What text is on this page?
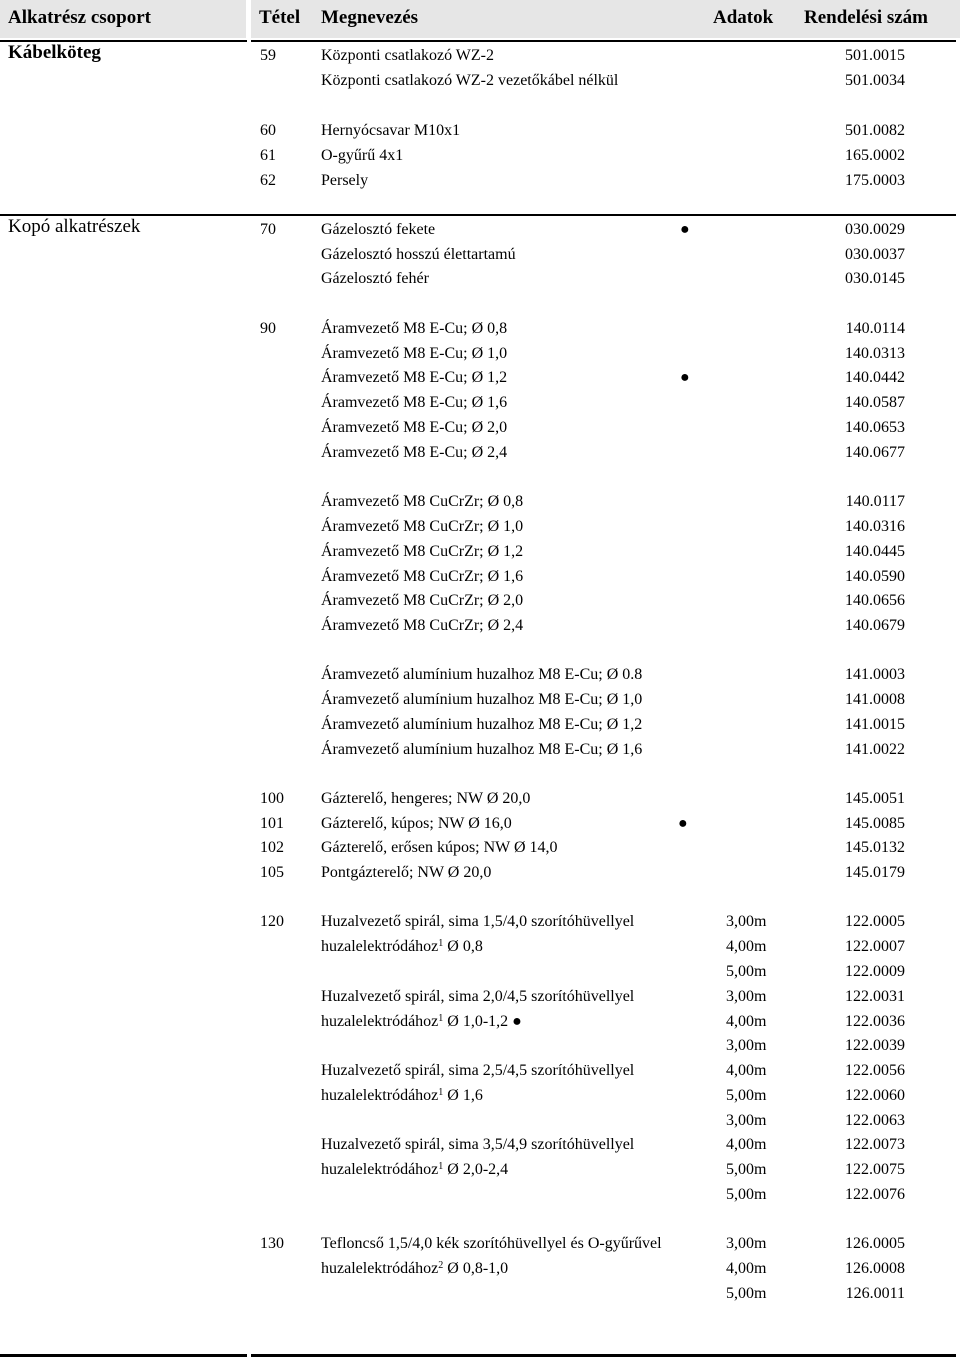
Alkatrész csoport	Tétel Megnevezés	Adatok Rendelési szám
Kábelköteg
Kopó alkatrészek
59	Központi csatlakozó WZ-2	501.0015
Központi csatlakozó WZ-2 vezetőkábel nélkül	501.0034
60	Hernyócsavar M10x1	501.0082
61	O-gyűrű 4x1	165.0002
62	Persely	175.0003
70	Gázelosztó fekete	●	030.0029
Gázelosztó hosszú élettartamú	030.0037
Gázelosztó fehér	030.0145
90	Áramvezető M8 E-Cu; Ø 0,8	140.0114
Áramvezető M8 E-Cu; Ø 1,0	140.0313
Áramvezető M8 E-Cu; Ø 1,2	●	140.0442
Áramvezető M8 E-Cu; Ø 1,6	140.0587
Áramvezető M8 E-Cu; Ø 2,0	140.0653
Áramvezető M8 E-Cu; Ø 2,4	140.0677
Áramvezető M8 CuCrZr; Ø 0,8	140.0117
Áramvezető M8 CuCrZr; Ø 1,0	140.0316
Áramvezető M8 CuCrZr; Ø 1,2	140.0445
Áramvezető M8 CuCrZr; Ø 1,6	140.0590
Áramvezető M8 CuCrZr; Ø 2,0	140.0656
Áramvezető M8 CuCrZr; Ø 2,4	140.0679
Áramvezető alumínium huzalhoz M8 E-Cu; Ø 0.8	141.0003
Áramvezető alumínium huzalhoz M8 E-Cu; Ø 1,0	141.0008
Áramvezető alumínium huzalhoz M8 E-Cu; Ø 1,2	141.0015
Áramvezető alumínium huzalhoz M8 E-Cu; Ø 1,6	141.0022
100 Gázterelő, hengeres; NW Ø 20,0	145.0051
101 Gázterelő, kúpos; NW Ø 16,0	●	145.0085
102 Gázterelő, erősen kúpos; NW Ø 14,0	145.0132
105 Pontgázterelő; NW Ø 20,0	145.0179
120 Huzalvezető spirál, sima 1,5/4,0 szorítóhüvellyel	3,00m	122.0005
huzalelektródához$^1$ Ø 0,8	4,00m	122.0007
5,00m	122.0009
Huzalvezető spirál, sima 2,0/4,5 szorítóhüvellyel	3,00m	122.0031
huzalelektródához$^1$ Ø 1,0-1,2 ●	4,00m	122.0036
3,00m	122.0039
Huzalvezető spirál, sima 2,5/4,5 szorítóhüvellyel	4,00m	122.0056
huzalelektródához$^1$ Ø 1,6	5,00m	122.0060
3,00m	122.0063
Huzalvezető spirál, sima 3,5/4,9 szorítóhüvellyel	4,00m	122.0073
huzalelektródához$^1$ Ø 2,0-2,4	5,00m	122.0075
5,00m	122.0076
130 Tefloncső 1,5/4,0 kék szorítóhüvellyel és O-gyűrűvel	3,00m	126.0005
huzalelektródához$^2$ Ø 0,8-1,0	4,00m	126.0008
5,00m	126.0011
